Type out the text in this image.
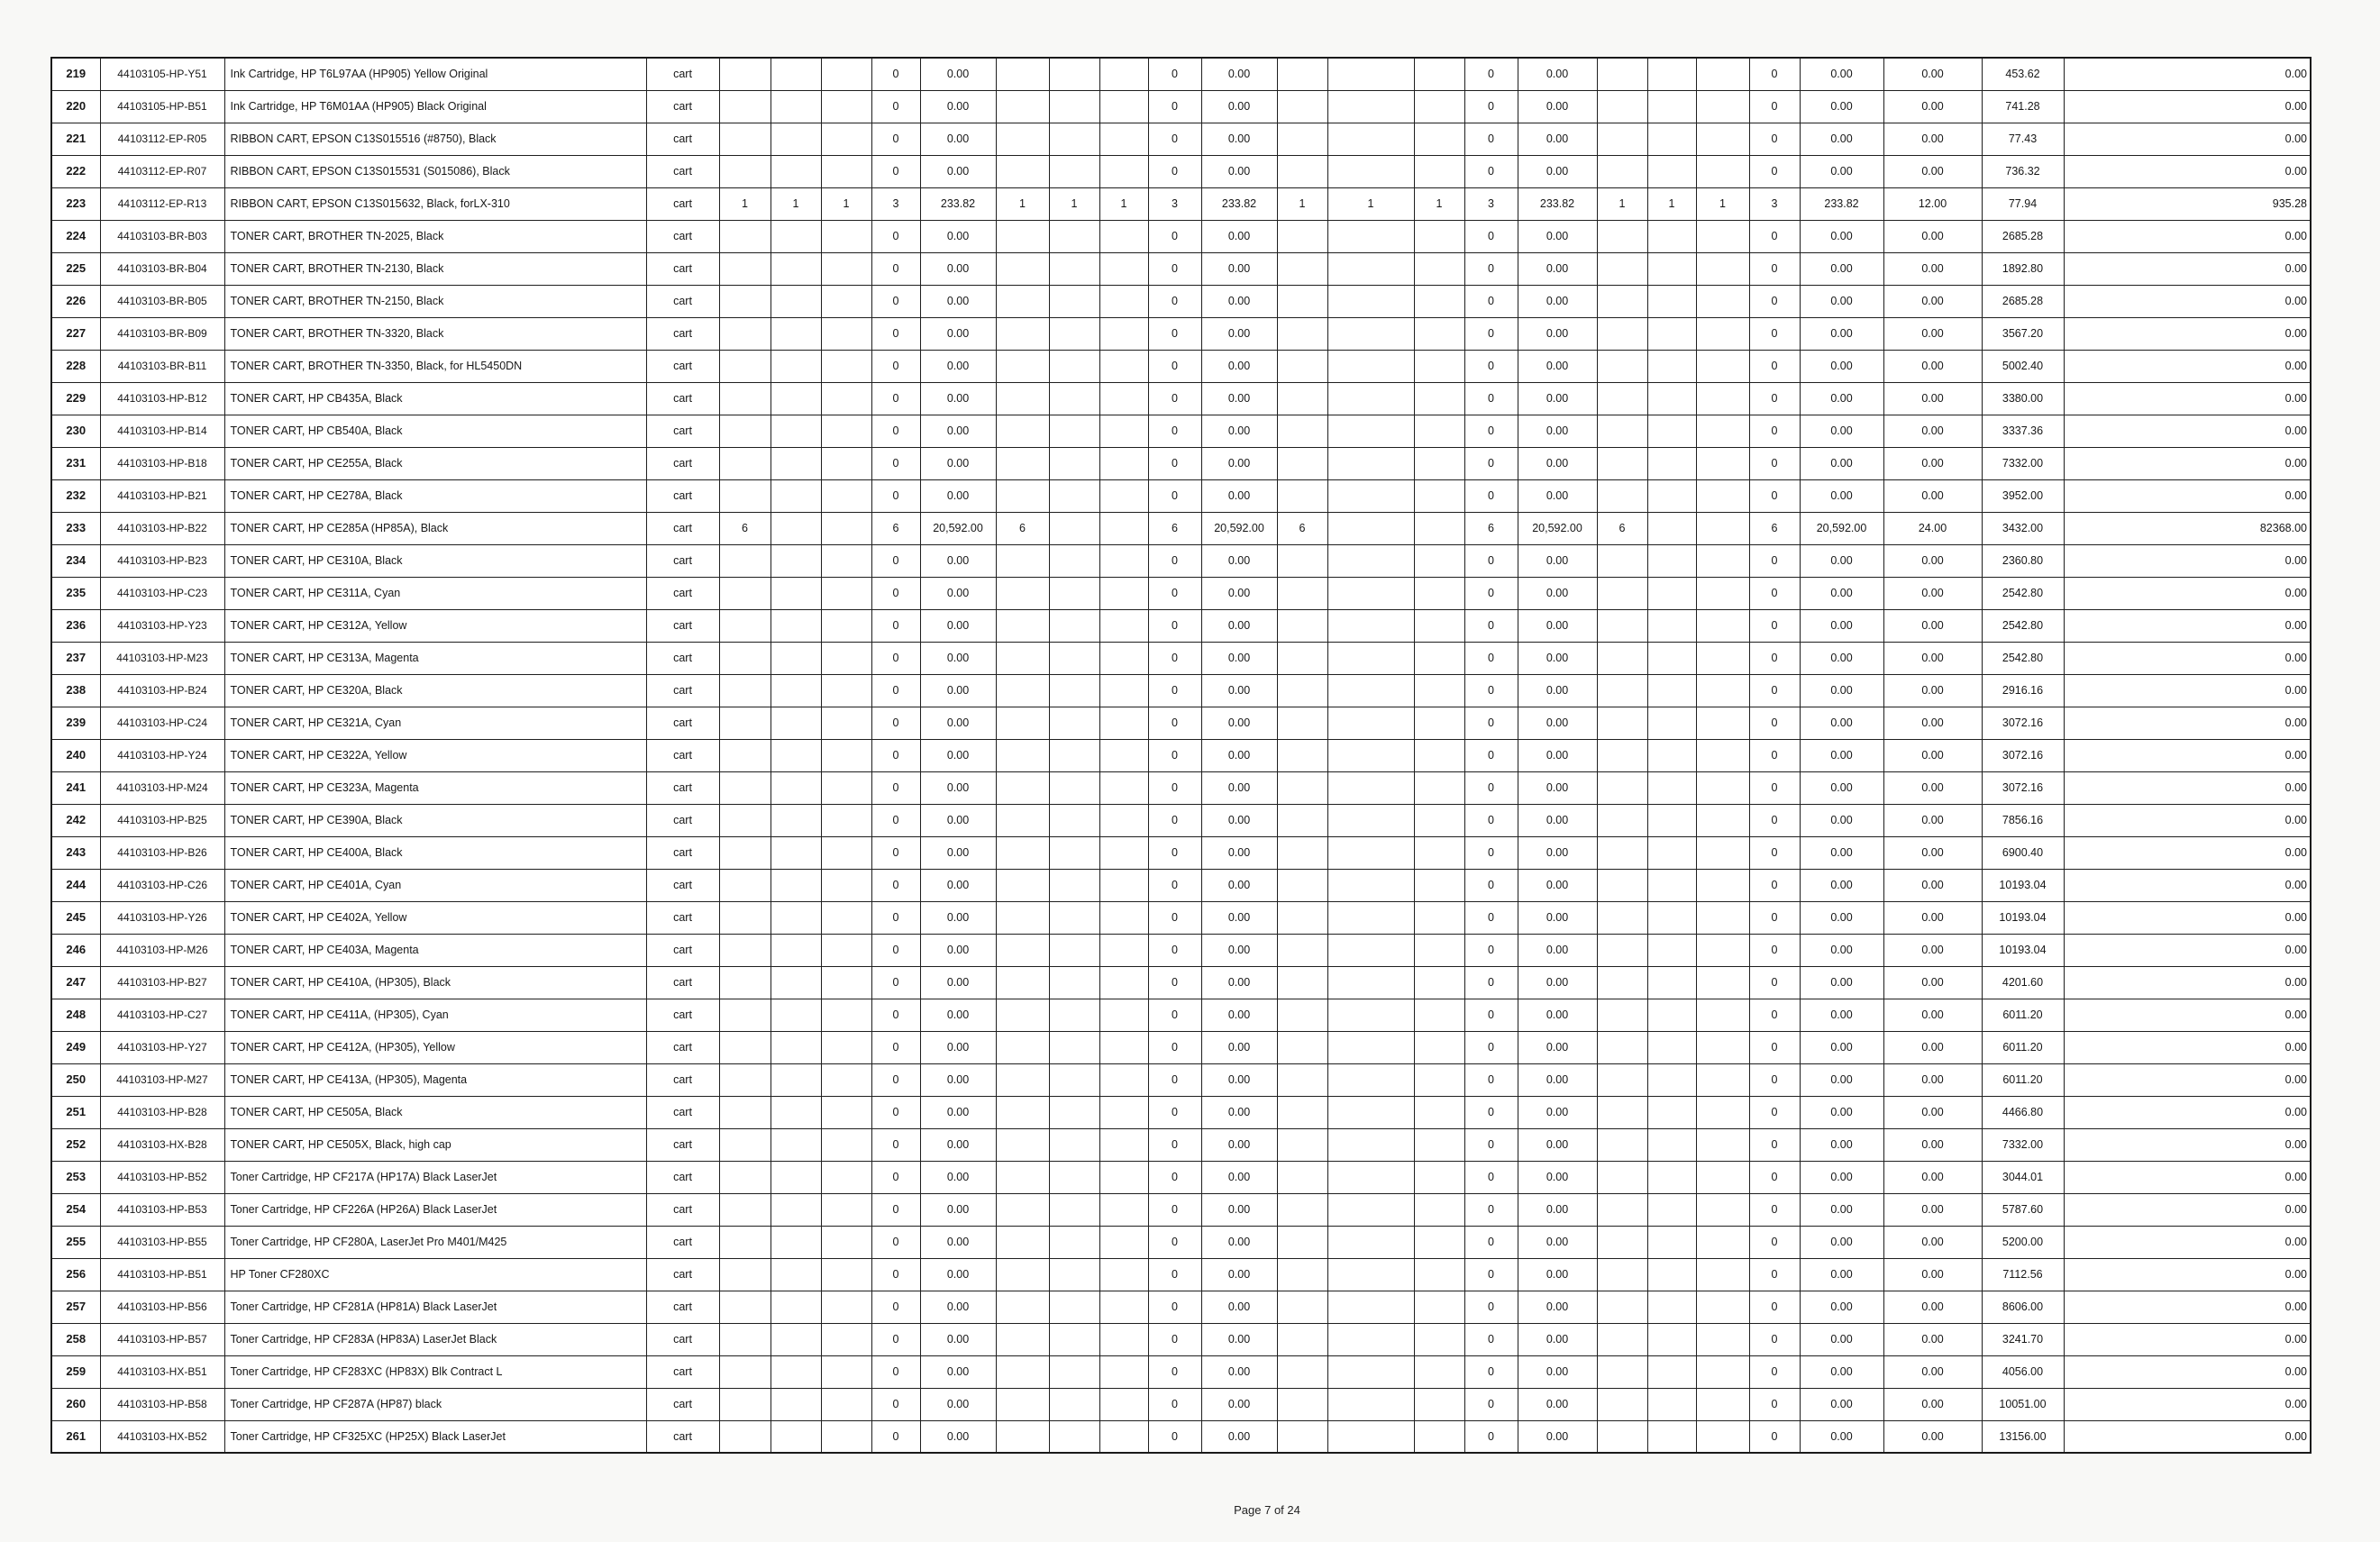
219	44103105-HP-Y51	Ink Cartridge, HP T6L97AA (HP905) Yellow Original	cart				0	0.00				0	0.00				0	0.00				0	0.00	0.00	453.62	0.00
220	44103105-HP-B51	Ink Cartridge, HP T6M01AA (HP905) Black Original	cart				0	0.00				0	0.00				0	0.00				0	0.00	0.00	741.28	0.00
221	44103112-EP-R05	RIBBON CART, EPSON C13S015516 (#8750), Black	cart				0	0.00				0	0.00				0	0.00				0	0.00	0.00	77.43	0.00
222	44103112-EP-R07	RIBBON CART, EPSON C13S015531 (S015086), Black	cart				0	0.00				0	0.00				0	0.00				0	0.00	0.00	736.32	0.00
223	44103112-EP-R13	RIBBON CART, EPSON C13S015632, Black, forLX-310	cart	1	1	1	3	233.82	1	1	1	3	233.82	1	1	1	3	233.82	1	1	1	3	233.82	12.00	77.94	935.28
224	44103103-BR-B03	TONER CART, BROTHER TN-2025, Black	cart				0	0.00				0	0.00				0	0.00				0	0.00	0.00	2685.28	0.00
225	44103103-BR-B04	TONER CART, BROTHER TN-2130, Black	cart				0	0.00				0	0.00				0	0.00				0	0.00	0.00	1892.80	0.00
226	44103103-BR-B05	TONER CART, BROTHER TN-2150, Black	cart				0	0.00				0	0.00				0	0.00				0	0.00	0.00	2685.28	0.00
227	44103103-BR-B09	TONER CART, BROTHER TN-3320, Black	cart				0	0.00				0	0.00				0	0.00				0	0.00	0.00	3567.20	0.00
228	44103103-BR-B11	TONER CART, BROTHER TN-3350, Black, for HL5450DN	cart				0	0.00				0	0.00				0	0.00				0	0.00	0.00	5002.40	0.00
229	44103103-HP-B12	TONER CART, HP CB435A, Black	cart				0	0.00				0	0.00				0	0.00				0	0.00	0.00	3380.00	0.00
230	44103103-HP-B14	TONER CART, HP CB540A, Black	cart				0	0.00				0	0.00				0	0.00				0	0.00	0.00	3337.36	0.00
231	44103103-HP-B18	TONER CART, HP CE255A, Black	cart				0	0.00				0	0.00				0	0.00				0	0.00	0.00	7332.00	0.00
232	44103103-HP-B21	TONER CART, HP CE278A, Black	cart				0	0.00				0	0.00				0	0.00				0	0.00	0.00	3952.00	0.00
233	44103103-HP-B22	TONER CART, HP CE285A (HP85A), Black	cart	6			6	20,592.00	6			6	20,592.00	6			6	20,592.00	6			6	20,592.00	24.00	3432.00	82368.00
234	44103103-HP-B23	TONER CART, HP CE310A, Black	cart				0	0.00				0	0.00				0	0.00				0	0.00	0.00	2360.80	0.00
235	44103103-HP-C23	TONER CART, HP CE311A, Cyan	cart				0	0.00				0	0.00				0	0.00				0	0.00	0.00	2542.80	0.00
236	44103103-HP-Y23	TONER CART, HP CE312A, Yellow	cart				0	0.00				0	0.00				0	0.00				0	0.00	0.00	2542.80	0.00
237	44103103-HP-M23	TONER CART, HP CE313A, Magenta	cart				0	0.00				0	0.00				0	0.00				0	0.00	0.00	2542.80	0.00
238	44103103-HP-B24	TONER CART, HP CE320A, Black	cart				0	0.00				0	0.00				0	0.00				0	0.00	0.00	2916.16	0.00
239	44103103-HP-C24	TONER CART, HP CE321A, Cyan	cart				0	0.00				0	0.00				0	0.00				0	0.00	0.00	3072.16	0.00
240	44103103-HP-Y24	TONER CART, HP CE322A, Yellow	cart				0	0.00				0	0.00				0	0.00				0	0.00	0.00	3072.16	0.00
241	44103103-HP-M24	TONER CART, HP CE323A, Magenta	cart				0	0.00				0	0.00				0	0.00				0	0.00	0.00	3072.16	0.00
242	44103103-HP-B25	TONER CART, HP CE390A, Black	cart				0	0.00				0	0.00				0	0.00				0	0.00	0.00	7856.16	0.00
243	44103103-HP-B26	TONER CART, HP CE400A, Black	cart				0	0.00				0	0.00				0	0.00				0	0.00	0.00	6900.40	0.00
244	44103103-HP-C26	TONER CART, HP CE401A, Cyan	cart				0	0.00				0	0.00				0	0.00				0	0.00	0.00	10193.04	0.00
245	44103103-HP-Y26	TONER CART, HP CE402A, Yellow	cart				0	0.00				0	0.00				0	0.00				0	0.00	0.00	10193.04	0.00
246	44103103-HP-M26	TONER CART, HP CE403A, Magenta	cart				0	0.00				0	0.00				0	0.00				0	0.00	0.00	10193.04	0.00
247	44103103-HP-B27	TONER CART, HP CE410A, (HP305), Black	cart				0	0.00				0	0.00				0	0.00				0	0.00	0.00	4201.60	0.00
248	44103103-HP-C27	TONER CART, HP CE411A, (HP305), Cyan	cart				0	0.00				0	0.00				0	0.00				0	0.00	0.00	6011.20	0.00
249	44103103-HP-Y27	TONER CART, HP CE412A, (HP305), Yellow	cart				0	0.00				0	0.00				0	0.00				0	0.00	0.00	6011.20	0.00
250	44103103-HP-M27	TONER CART, HP CE413A, (HP305), Magenta	cart				0	0.00				0	0.00				0	0.00				0	0.00	0.00	6011.20	0.00
251	44103103-HP-B28	TONER CART, HP CE505A, Black	cart				0	0.00				0	0.00				0	0.00				0	0.00	0.00	4466.80	0.00
252	44103103-HX-B28	TONER CART, HP CE505X, Black, high cap	cart				0	0.00				0	0.00				0	0.00				0	0.00	0.00	7332.00	0.00
253	44103103-HP-B52	Toner Cartridge, HP CF217A (HP17A) Black LaserJet	cart				0	0.00				0	0.00				0	0.00				0	0.00	0.00	3044.01	0.00
254	44103103-HP-B53	Toner Cartridge, HP CF226A (HP26A) Black LaserJet	cart				0	0.00				0	0.00				0	0.00				0	0.00	0.00	5787.60	0.00
255	44103103-HP-B55	Toner Cartridge, HP CF280A, LaserJet Pro M401/M425	cart				0	0.00				0	0.00				0	0.00				0	0.00	0.00	5200.00	0.00
256	44103103-HP-B51	HP Toner CF280XC	cart				0	0.00				0	0.00				0	0.00				0	0.00	0.00	7112.56	0.00
257	44103103-HP-B56	Toner Cartridge, HP CF281A (HP81A) Black LaserJet	cart				0	0.00				0	0.00				0	0.00				0	0.00	0.00	8606.00	0.00
258	44103103-HP-B57	Toner Cartridge, HP CF283A (HP83A) LaserJet Black	cart				0	0.00				0	0.00				0	0.00				0	0.00	0.00	3241.70	0.00
259	44103103-HX-B51	Toner Cartridge, HP CF283XC (HP83X) Blk Contract L	cart				0	0.00				0	0.00				0	0.00				0	0.00	0.00	4056.00	0.00
260	44103103-HP-B58	Toner Cartridge, HP CF287A (HP87) black	cart				0	0.00				0	0.00				0	0.00				0	0.00	0.00	10051.00	0.00
261	44103103-HX-B52	Toner Cartridge, HP CF325XC (HP25X) Black LaserJet	cart				0	0.00				0	0.00				0	0.00				0	0.00	0.00	13156.00	0.00
Page 7 of 24
